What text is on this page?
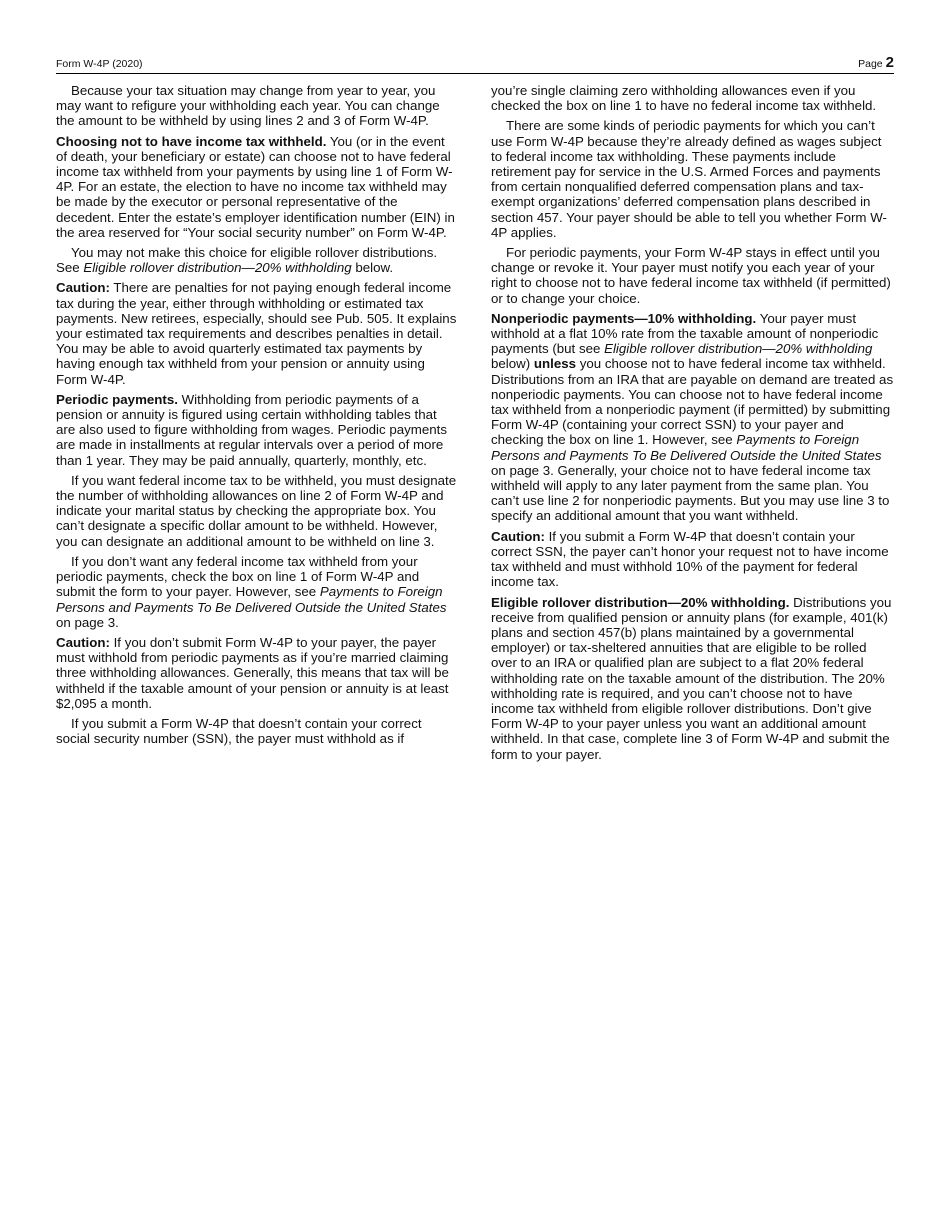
Form W-4P (2020)	Page 2

Because your tax situation may change from year to year, you may want to refigure your withholding each year. You can change the amount to be withheld by using lines 2 and 3 of Form W-4P.

Choosing not to have income tax withheld. You (or in the event of death, your beneficiary or estate) can choose not to have federal income tax withheld from your payments by using line 1 of Form W-4P. For an estate, the election to have no income tax withheld may be made by the executor or personal representative of the decedent. Enter the estate’s employer identification number (EIN) in the area reserved for “Your social security number” on Form W-4P.

You may not make this choice for eligible rollover distributions. See Eligible rollover distribution—20% withholding below.

Caution: There are penalties for not paying enough federal income tax during the year, either through withholding or estimated tax payments. New retirees, especially, should see Pub. 505. It explains your estimated tax requirements and describes penalties in detail. You may be able to avoid quarterly estimated tax payments by having enough tax withheld from your pension or annuity using Form W-4P.

Periodic payments. Withholding from periodic payments of a pension or annuity is figured using certain withholding tables that are also used to figure withholding from wages. Periodic payments are made in installments at regular intervals over a period of more than 1 year. They may be paid annually, quarterly, monthly, etc.

If you want federal income tax to be withheld, you must designate the number of withholding allowances on line 2 of Form W-4P and indicate your marital status by checking the appropriate box. You can’t designate a specific dollar amount to be withheld. However, you can designate an additional amount to be withheld on line 3.

If you don’t want any federal income tax withheld from your periodic payments, check the box on line 1 of Form W-4P and submit the form to your payer. However, see Payments to Foreign Persons and Payments To Be Delivered Outside the United States on page 3.

Caution: If you don’t submit Form W-4P to your payer, the payer must withhold from periodic payments as if you’re married claiming three withholding allowances. Generally, this means that tax will be withheld if the taxable amount of your pension or annuity is at least $2,095 a month.

If you submit a Form W-4P that doesn’t contain your correct social security number (SSN), the payer must withhold as if

you’re single claiming zero withholding allowances even if you checked the box on line 1 to have no federal income tax withheld.

There are some kinds of periodic payments for which you can’t use Form W-4P because they’re already defined as wages subject to federal income tax withholding. These payments include retirement pay for service in the U.S. Armed Forces and payments from certain nonqualified deferred compensation plans and tax-exempt organizations’ deferred compensation plans described in section 457. Your payer should be able to tell you whether Form W-4P applies.

For periodic payments, your Form W-4P stays in effect until you change or revoke it. Your payer must notify you each year of your right to choose not to have federal income tax withheld (if permitted) or to change your choice.

Nonperiodic payments—10% withholding. Your payer must withhold at a flat 10% rate from the taxable amount of nonperiodic payments (but see Eligible rollover distribution—20% withholding below) unless you choose not to have federal income tax withheld. Distributions from an IRA that are payable on demand are treated as nonperiodic payments. You can choose not to have federal income tax withheld from a nonperiodic payment (if permitted) by submitting Form W-4P (containing your correct SSN) to your payer and checking the box on line 1. However, see Payments to Foreign Persons and Payments To Be Delivered Outside the United States on page 3. Generally, your choice not to have federal income tax withheld will apply to any later payment from the same plan. You can’t use line 2 for nonperiodic payments. But you may use line 3 to specify an additional amount that you want withheld.

Caution: If you submit a Form W-4P that doesn’t contain your correct SSN, the payer can’t honor your request not to have income tax withheld and must withhold 10% of the payment for federal income tax.

Eligible rollover distribution—20% withholding. Distributions you receive from qualified pension or annuity plans (for example, 401(k) plans and section 457(b) plans maintained by a governmental employer) or tax-sheltered annuities that are eligible to be rolled over to an IRA or qualified plan are subject to a flat 20% federal withholding rate on the taxable amount of the distribution. The 20% withholding rate is required, and you can’t choose not to have income tax withheld from eligible rollover distributions. Don’t give Form W-4P to your payer unless you want an additional amount withheld. In that case, complete line 3 of Form W-4P and submit the form to your payer.
